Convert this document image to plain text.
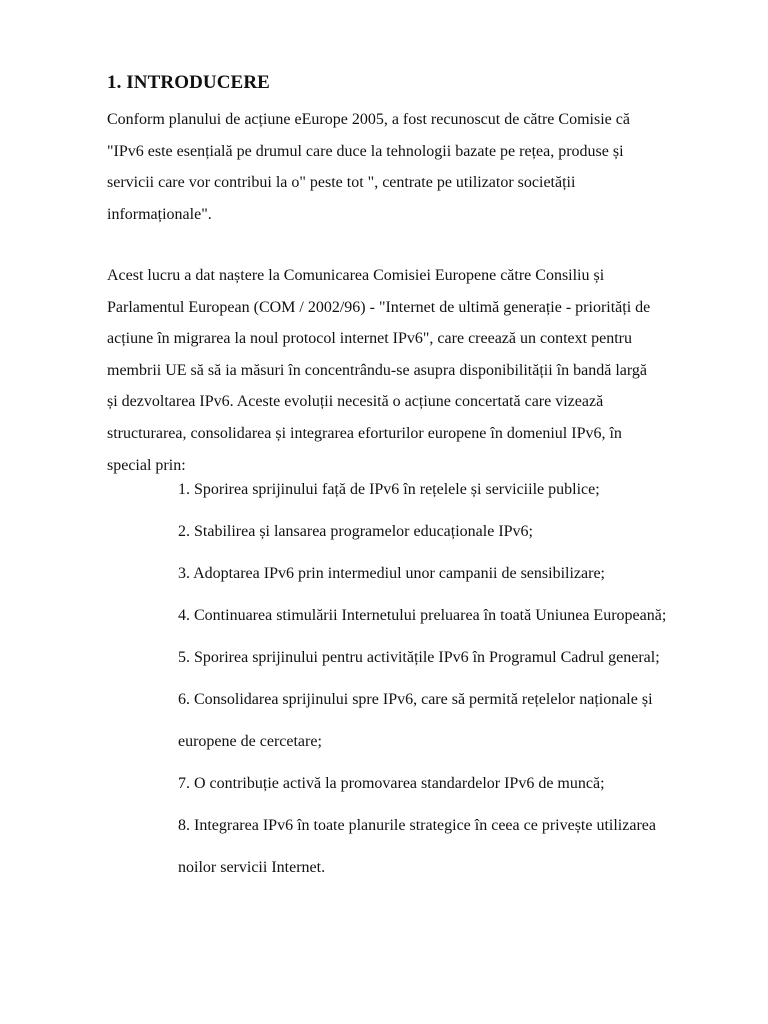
1. INTRODUCERE
Conform planului de acțiune eEurope 2005, a fost recunoscut de către Comisie că
"IPv6 este esențială pe drumul care duce la tehnologii bazate pe rețea, produse și
servicii care vor contribui la o" peste tot ", centrate pe utilizator societății
informaționale".
Acest lucru a dat naștere la Comunicarea Comisiei Europene către Consiliu și
Parlamentul European (COM / 2002/96) - "Internet de ultimă generație - priorități de
acțiune în migrarea la noul protocol internet IPv6", care creează un context pentru
membrii UE să să ia măsuri în concentrându-se asupra disponibilității în bandă largă
și dezvoltarea IPv6. Aceste evoluții necesită o acțiune concertată care vizează
structurarea, consolidarea și integrarea eforturilor europene în domeniul IPv6, în
special prin:
1. Sporirea sprijinului față de IPv6 în rețelele și serviciile publice;
2. Stabilirea și lansarea programelor educaționale IPv6;
3. Adoptarea IPv6 prin intermediul unor campanii de sensibilizare;
4. Continuarea stimulării Internetului preluarea în toată Uniunea Europeană;
5. Sporirea sprijinului pentru activitățile IPv6 în Programul Cadrul general;
6. Consolidarea sprijinului spre IPv6, care să permită rețelelor naționale și
europene de cercetare;
7. O contribuție activă la promovarea standardelor IPv6 de muncă;
8. Integrarea IPv6 în toate planurile strategice în ceea ce privește utilizarea
noilor servicii Internet.
